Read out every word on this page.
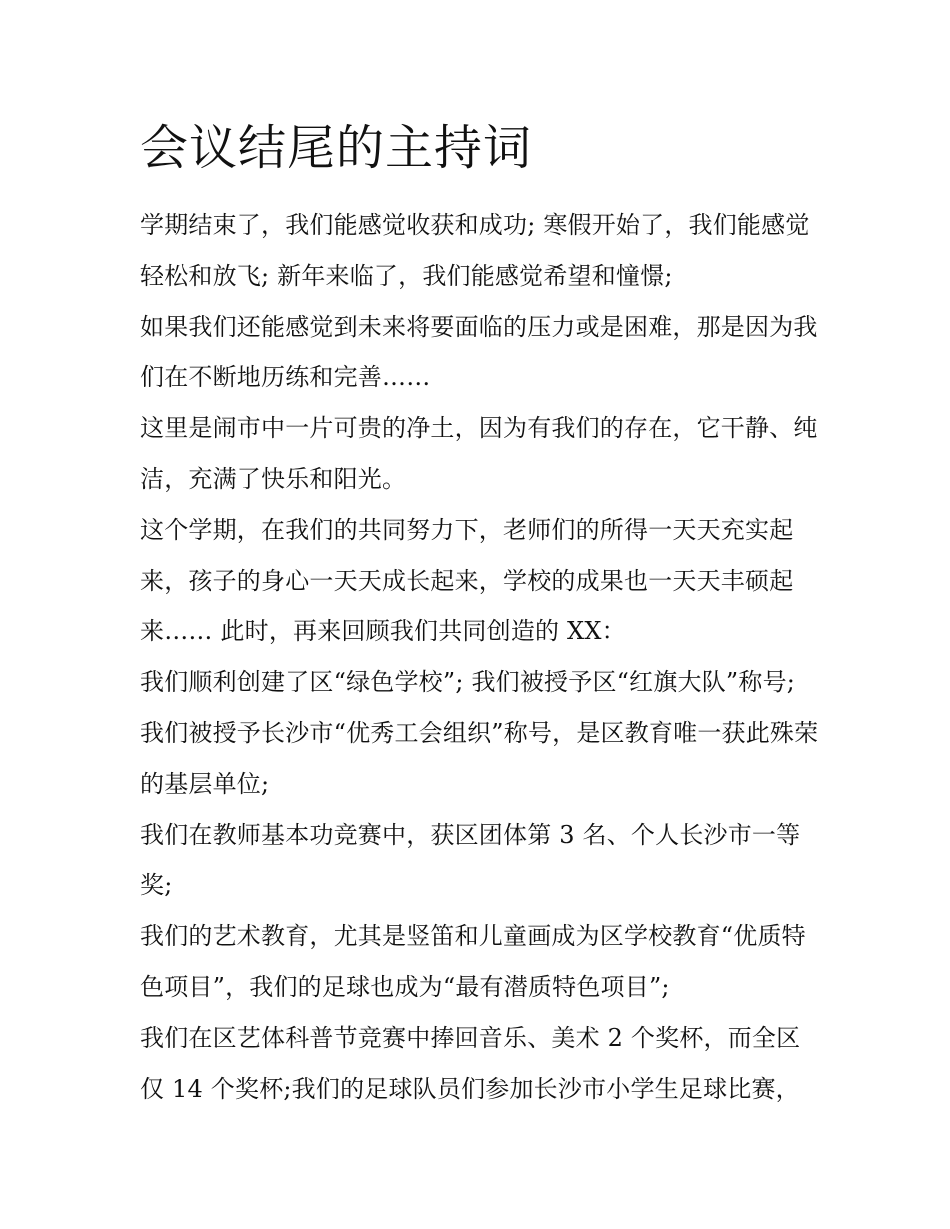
会议结尾的主持词

学期结束了，我们能感觉收获和成功; 寒假开始了，我们能感觉轻松和放飞; 新年来临了，我们能感觉希望和憧憬;

如果我们还能感觉到未来将要面临的压力或是困难，那是因为我们在不断地历练和完善……

这里是闹市中一片可贵的净土，因为有我们的存在，它干静、纯洁，充满了快乐和阳光。

这个学期，在我们的共同努力下，老师们的所得一天天充实起来，孩子的身心一天天成长起来，学校的成果也一天天丰硕起来…… 此时，再来回顾我们共同创造的 XX：

我们顺利创建了区“绿色学校”; 我们被授予区“红旗大队”称号;

我们被授予长沙市“优秀工会组织”称号，是区教育唯一获此殊荣的基层单位;

我们在教师基本功竞赛中，获区团体第 3 名、个人长沙市一等奖;

我们的艺术教育，尤其是竖笛和儿童画成为区学校教育“优质特色项目”，我们的足球也成为“最有潜质特色项目”;

我们在区艺体科普节竞赛中捧回音乐、美术 2 个奖杯，而全区仅 14 个奖杯;我们的足球队员们参加长沙市小学生足球比赛，
